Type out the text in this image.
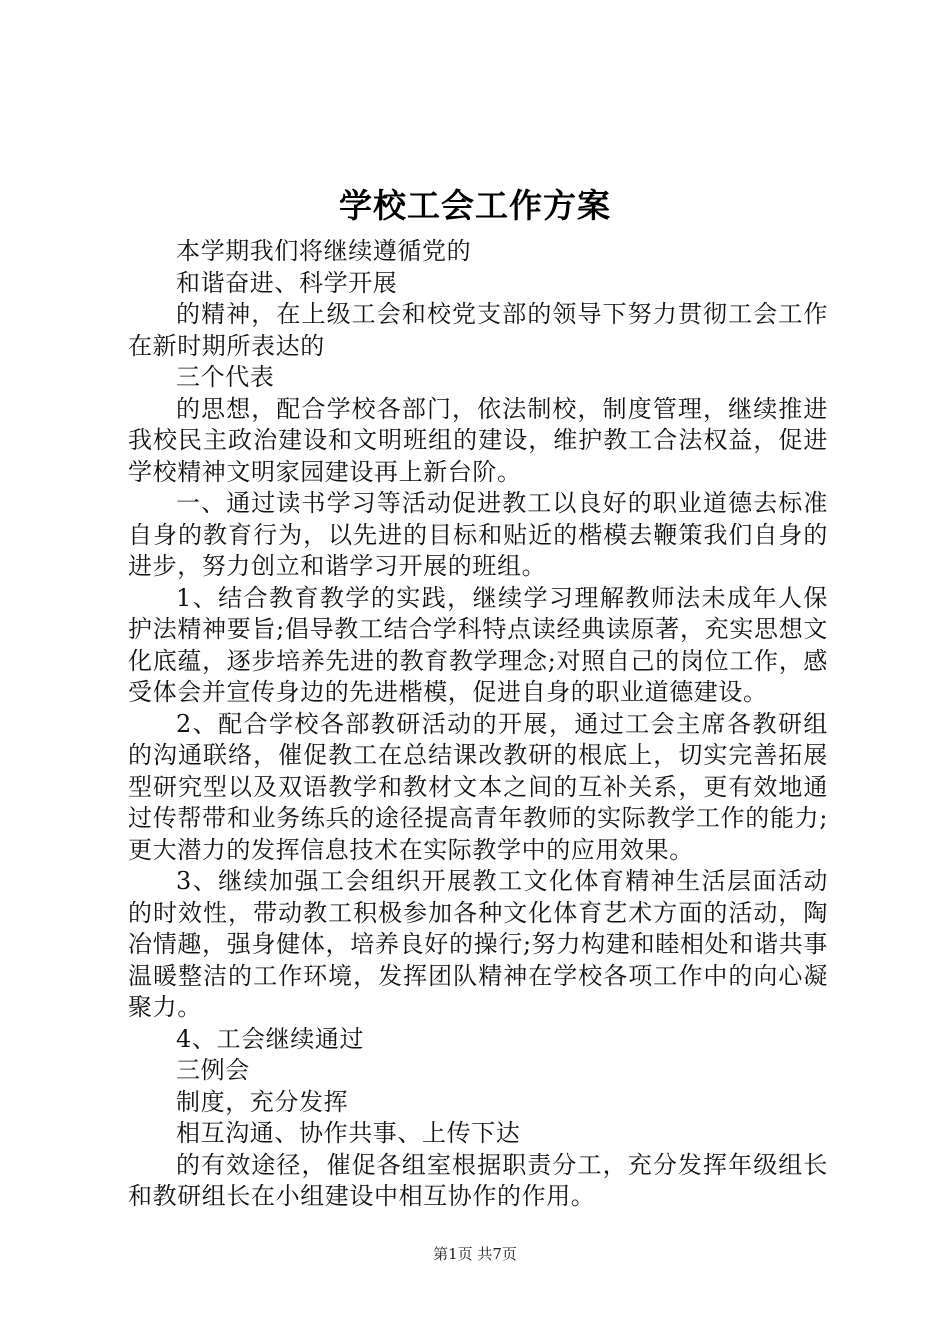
学校工会工作方案

本学期我们将继续遵循党的

和谐奋进、科学开展

的精神，在上级工会和校党支部的领导下努力贯彻工会工作在新时期所表达的

三个代表

的思想，配合学校各部门，依法制校，制度管理，继续推进我校民主政治建设和文明班组的建设，维护教工合法权益，促进学校精神文明家园建设再上新台阶。

一、通过读书学习等活动促进教工以良好的职业道德去标准自身的教育行为，以先进的目标和贴近的楷模去鞭策我们自身的进步，努力创立和谐学习开展的班组。

1、结合教育教学的实践，继续学习理解教师法未成年人保护法精神要旨;倡导教工结合学科特点读经典读原著，充实思想文化底蕴，逐步培养先进的教育教学理念;对照自己的岗位工作，感受体会并宣传身边的先进楷模，促进自身的职业道德建设。

2、配合学校各部教研活动的开展，通过工会主席各教研组的沟通联络，催促教工在总结课改教研的根底上，切实完善拓展型研究型以及双语教学和教材文本之间的互补关系，更有效地通过传帮带和业务练兵的途径提高青年教师的实际教学工作的能力;更大潜力的发挥信息技术在实际教学中的应用效果。

3、继续加强工会组织开展教工文化体育精神生活层面活动的时效性，带动教工积极参加各种文化体育艺术方面的活动，陶冶情趣，强身健体，培养良好的操行;努力构建和睦相处和谐共事温暖整洁的工作环境，发挥团队精神在学校各项工作中的向心凝聚力。

4、工会继续通过

三例会

制度，充分发挥

相互沟通、协作共事、上传下达

的有效途径，催促各组室根据职责分工，充分发挥年级组长和教研组长在小组建设中相互协作的作用。

第1页 共7页
